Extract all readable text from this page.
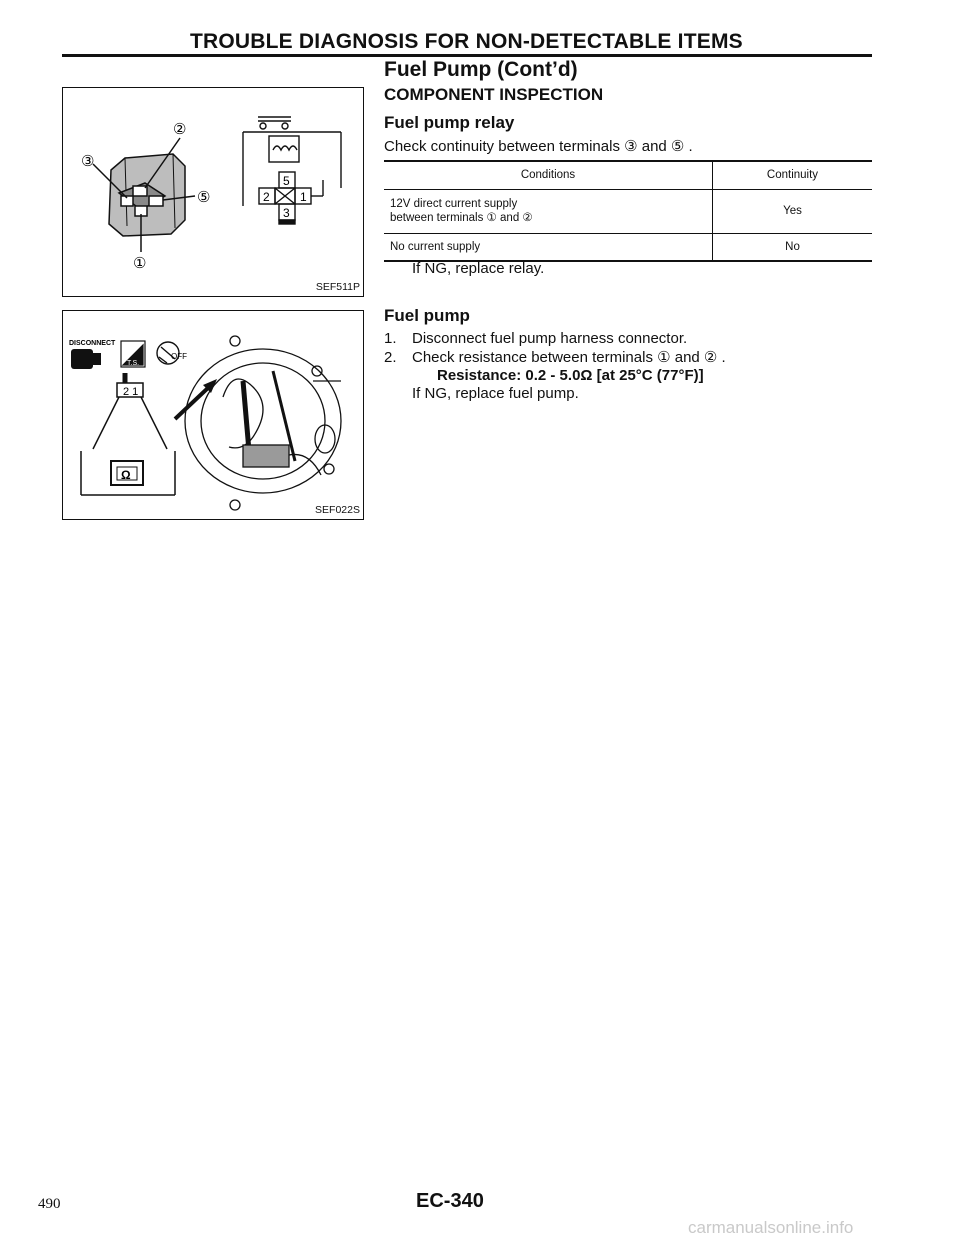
TROUBLE DIAGNOSIS FOR NON-DETECTABLE ITEMS
Fuel Pump (Cont’d)
COMPONENT INSPECTION
Fuel pump relay
Check continuity between terminals ③ and ⑤ .
Conditions	Continuity

12V direct current supply
between terminals ① and ②	Yes
No current supply	No
If NG, replace relay.
Fuel pump
1. Disconnect fuel pump harness connector.
2. Check resistance between terminals ① and ② .
Resistance: 0.2 - 5.0Ω [at 25°C (77°F)]
If NG, replace fuel pump.
②
③
⑤
①
5
2	1
3
SEF511P
DISCONNECT
T.S.
OFF
2 1
Ω
SEF022S
490	EC-340
carmanualsonline.info
